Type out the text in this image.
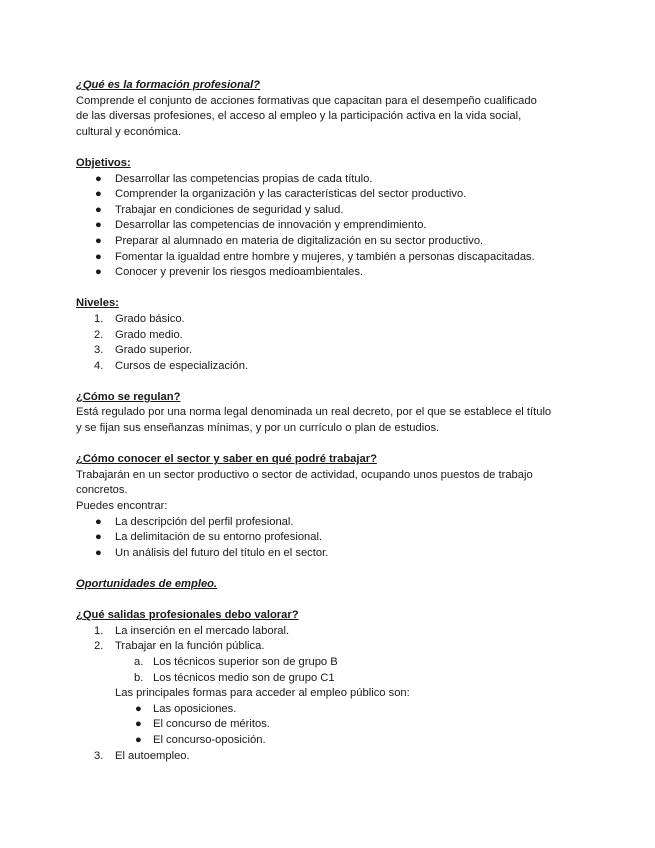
¿Qué es la formación profesional?

Comprende el conjunto de acciones formativas que capacitan para el desempeño cualificado

de las diversas profesiones, el acceso al empleo y la participación activa en la vida social,

cultural y económica.

Objetivos:

●	Desarrollar las competencias propias de cada título.
●	Comprender la organización y las características del sector productivo.
●	Trabajar en condiciones de seguridad y salud.
●	Desarrollar las competencias de innovación y emprendimiento.
●	Preparar al alumnado en materia de digitalización en su sector productivo.
●	Fomentar la igualdad entre hombre y mujeres, y también a personas discapacitadas.
●	Conocer y prevenir los riesgos medioambientales.

Niveles:

1.	Grado básico.
2.	Grado medio.
3.	Grado superior.
4.	Cursos de especialización.

¿Cómo se regulan?

Está regulado por una norma legal denominada un real decreto, por el que se establece el título

y se fijan sus enseñanzas mínimas, y por un currículo o plan de estudios.

¿Cómo conocer el sector y saber en qué podré trabajar?

Trabajarán en un sector productivo o sector de actividad, ocupando unos puestos de trabajo

concretos.

Puedes encontrar:

●	La descripción del perfil profesional.
●	La delimitación de su entorno profesional.
●	Un análisis del futuro del título en el sector.

Oportunidades de empleo.

¿Qué salidas profesionales debo valorar?

1.	La inserción en el mercado laboral.
2.	Trabajar en la función pública.
a. Los técnicos superior son de grupo B
b. Los técnicos medio son de grupo C1

Las principales formas para acceder al empleo público son:

●	Las oposiciones.
●	El concurso de méritos.
●	El concurso-oposición.
3.	El autoempleo.
